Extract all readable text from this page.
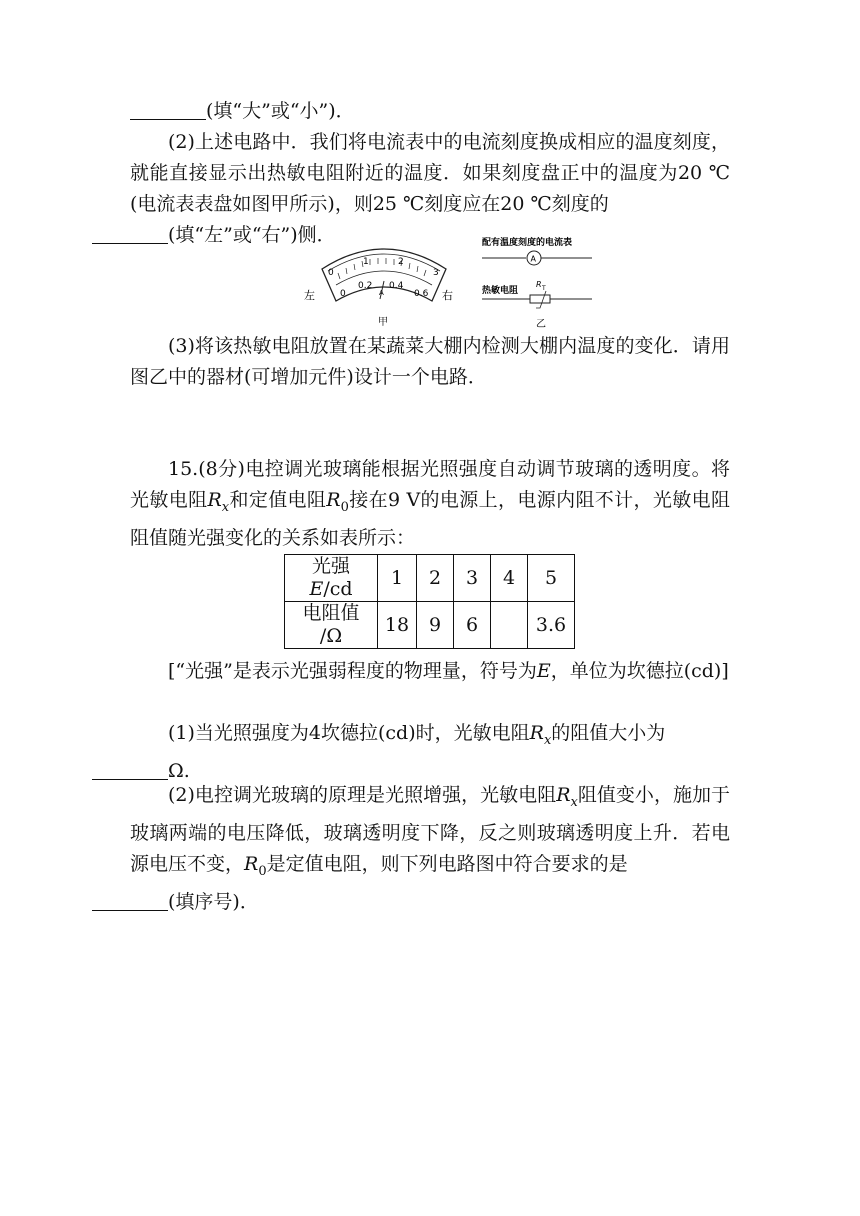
(填“大”或“小”)．

(2)上述电路中．我们将电流表中的电流刻度换成相应的温度刻度，就能直接显示出热敏电阻附近的温度．如果刻度盘正中的温度为20 ℃(电流表表盘如图甲所示)，则25 ℃刻度应在20 ℃刻度的
(填“左”或“右”)侧．

0
1	2
3
0
0.2 0.4
0.6
A
左	右
甲
配有温度刻度的电流表
A
热敏电阻
R T
乙

(3)将该热敏电阻放置在某蔬菜大棚内检测大棚内温度的变化．请用图乙中的器材(可增加元件)设计一个电路．

15.(8分)电控调光玻璃能根据光照强度自动调节玻璃的透明度。将光敏电阻$R_x$和定值电阻$R_0$接在9 V的电源上，电源内阻不计，光敏电阻阻值随光强变化的关系如表所示：

光强
E/cd	1	2	3	4	5
电阻值
/Ω	18	9	6		3.6

[“光强”是表示光强弱程度的物理量，符号为E，单位为坎德拉(cd)]

(1)当光照强度为4坎德拉(cd)时，光敏电阻$R_x$的阻值大小为
Ω.

(2)电控调光玻璃的原理是光照增强，光敏电阻$R_x$阻值变小，施加于玻璃两端的电压降低，玻璃透明度下降，反之则玻璃透明度上升．若电源电压不变，$R_0$是定值电阻，则下列电路图中符合要求的是
(填序号)．
